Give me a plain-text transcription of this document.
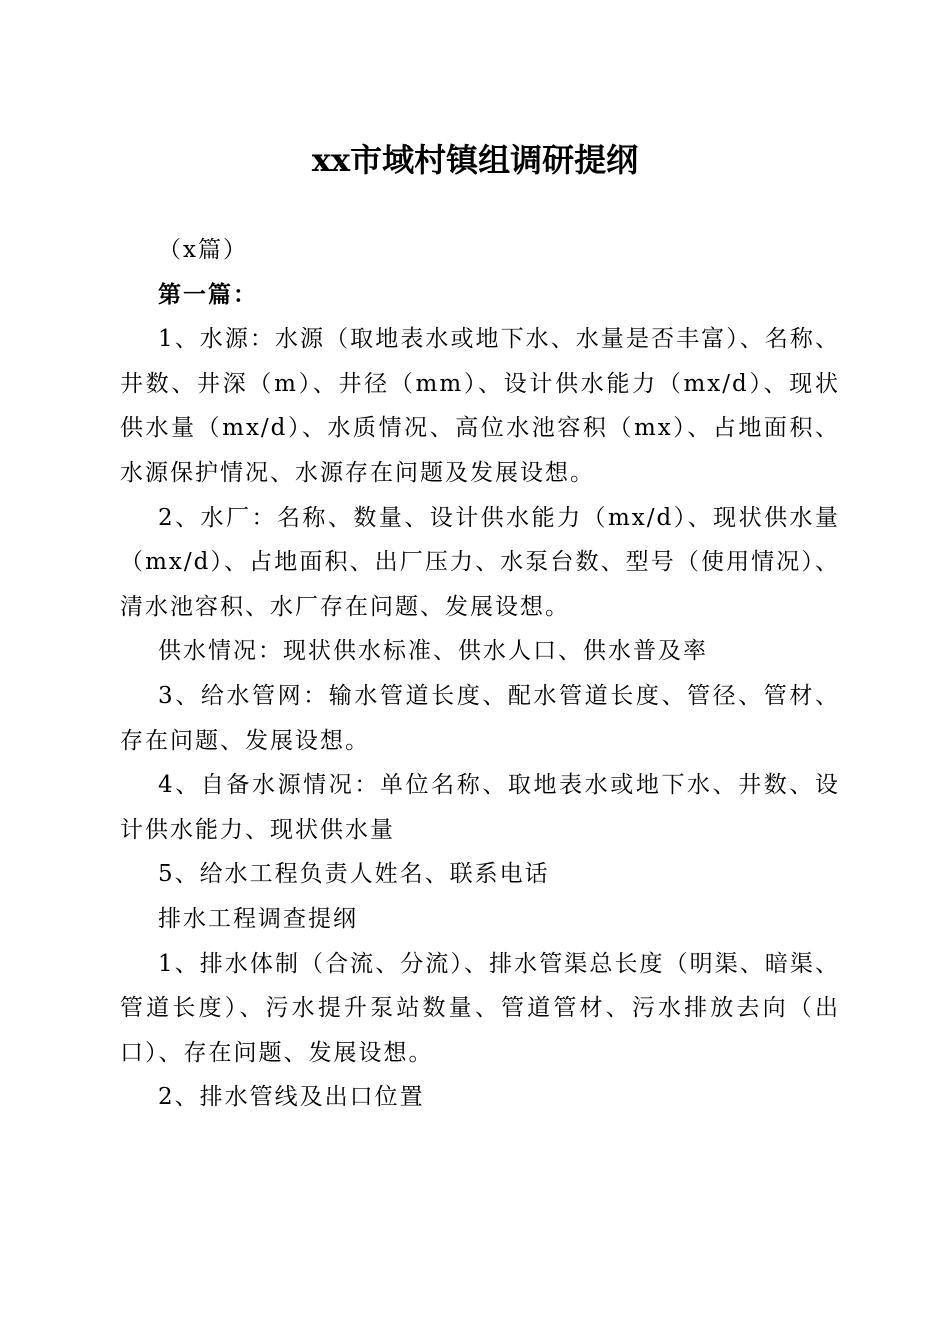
xx市域村镇组调研提纲

（x篇）

第一篇：

1、水源：水源（取地表水或地下水、水量是否丰富）、名称、井数、井深（m）、井径（mm）、设计供水能力（mx/d）、现状供水量（mx/d）、水质情况、高位水池容积（mx）、占地面积、水源保护情况、水源存在问题及发展设想。

2、水厂：名称、数量、设计供水能力（mx/d）、现状供水量（mx/d）、占地面积、出厂压力、水泵台数、型号（使用情况）、清水池容积、水厂存在问题、发展设想。

供水情况：现状供水标准、供水人口、供水普及率

3、给水管网：输水管道长度、配水管道长度、管径、管材、存在问题、发展设想。

4、自备水源情况：单位名称、取地表水或地下水、井数、设计供水能力、现状供水量

5、给水工程负责人姓名、联系电话

排水工程调查提纲

1、排水体制（合流、分流）、排水管渠总长度（明渠、暗渠、管道长度）、污水提升泵站数量、管道管材、污水排放去向（出口）、存在问题、发展设想。

2、排水管线及出口位置
